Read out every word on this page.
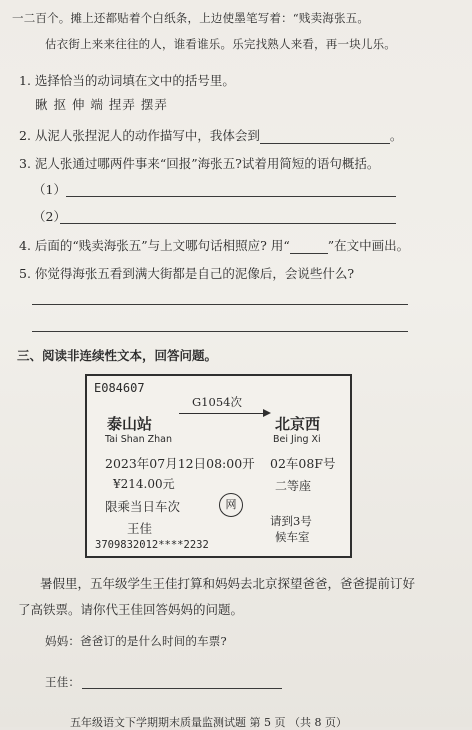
一二百个。摊上还都贴着个白纸条，上边使墨笔写着：“贱卖海张五。
估衣街上来来往往的人，谁看谁乐。乐完找熟人来看，再一块儿乐。
1. 选择恰当的动词填在文中的括号里。
瞅 抠 伸 端 捏弄 摆弄
2. 从泥人张捏泥人的动作描写中，我体会到	。
3. 泥人张通过哪两件事来“回报”海张五?试着用简短的语句概括。
（1）
（2）
4. 后面的“贱卖海张五”与上文哪句话相照应? 用“	”在文中画出。
5. 你觉得海张五看到满大街都是自己的泥像后，会说些什么?
三、阅读非连续性文本，回答问题。
E084607
G1054次
泰山站
Tai Shan Zhan
北京西
Bei Jing Xi
2023年07月12日08:00开 02车08F号
¥214.00元	二等座
限乘当日车次	网
王佳	请到3号
候车室
3709832012****2232
暑假里，五年级学生王佳打算和妈妈去北京探望爸爸，爸爸提前订好
了高铁票。请你代王佳回答妈妈的问题。
妈妈：爸爸订的是什么时间的车票?
王佳：
五年级语文下学期期末质量监测试题 第 5 页 （共 8 页）
